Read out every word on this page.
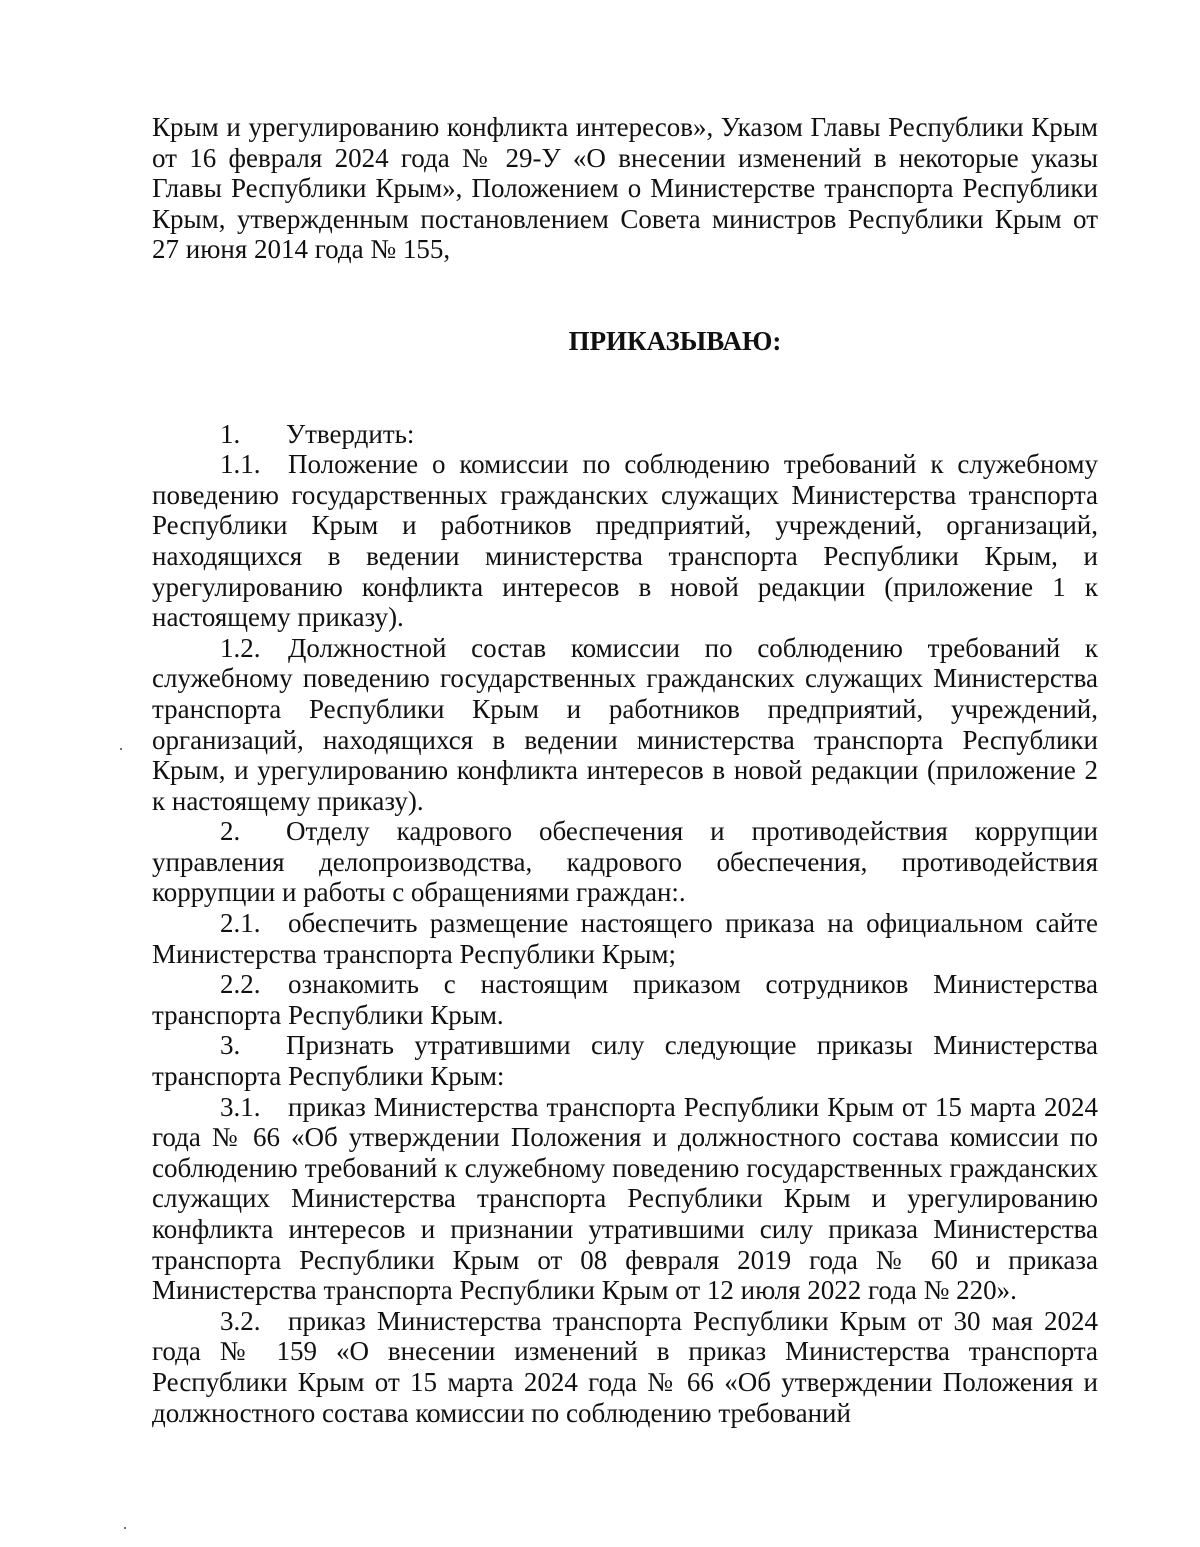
Крым и урегулированию конфликта интересов», Указом Главы Республики Крым от 16 февраля 2024 года № 29-У «О внесении изменений в некоторые указы Главы Республики Крым», Положением о Министерстве транспорта Республики Крым, утвержденным постановлением Совета министров Республики Крым от 27 июня 2014 года № 155,

ПРИКАЗЫВАЮ:

1. Утвердить:

1.1. Положение о комиссии по соблюдению требований к служебному поведению государственных гражданских служащих Министерства транспорта Республики Крым и работников предприятий, учреждений, организаций, находящихся в ведении министерства транспорта Республики Крым, и урегулированию конфликта интересов в новой редакции (приложение 1 к настоящему приказу).

1.2. Должностной состав комиссии по соблюдению требований к служебному поведению государственных гражданских служащих Министерства транспорта Республики Крым и работников предприятий, учреждений, организаций, находящихся в ведении министерства транспорта Республики Крым, и урегулированию конфликта интересов в новой редакции (приложение 2 к настоящему приказу).

2. Отделу кадрового обеспечения и противодействия коррупции управления делопроизводства, кадрового обеспечения, противодействия коррупции и работы с обращениями граждан:.

2.1. обеспечить размещение настоящего приказа на официальном сайте Министерства транспорта Республики Крым;

2.2. ознакомить с настоящим приказом сотрудников Министерства транспорта Республики Крым.

3. Признать утратившими силу следующие приказы Министерства транспорта Республики Крым:

3.1. приказ Министерства транспорта Республики Крым от 15 марта 2024 года № 66 «Об утверждении Положения и должностного состава комиссии по соблюдению требований к служебному поведению государственных гражданских служащих Министерства транспорта Республики Крым и урегулированию конфликта интересов и признании утратившими силу приказа Министерства транспорта Республики Крым от 08 февраля 2019 года № 60 и приказа Министерства транспорта Республики Крым от 12 июля 2022 года № 220».

3.2. приказ Министерства транспорта Республики Крым от 30 мая 2024 года № 159 «О внесении изменений в приказ Министерства транспорта Республики Крым от 15 марта 2024 года № 66 «Об утверждении Положения и должностного состава комиссии по соблюдению требований
